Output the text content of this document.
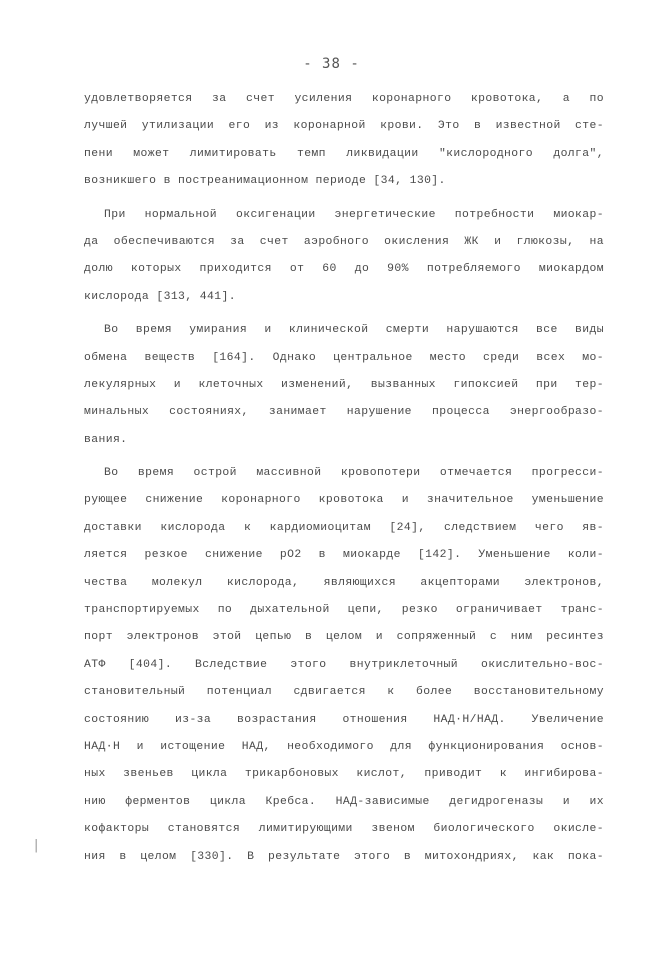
- 38 -
удовлетворяется за счет усиления коронарного кровотока, а по
лучшей утилизации его из коронарной крови. Это в известной сте-
пени может лимитировать темп ликвидации "кислородного долга",
возникшего в постреанимационном периоде [34, 130].
При нормальной оксигенации энергетические потребности миокар-
да обеспечиваются за счет аэробного окисления ЖК и глюкозы, на
долю которых приходится от 60 до 90% потребляемого миокардом
кислорода [313, 441].
Во время умирания и клинической смерти нарушаются все виды
обмена веществ [164]. Однако центральное место среди всех мо-
лекулярных и клеточных изменений, вызванных гипоксией при тер-
минальных состояниях, занимает нарушение процесса энергообразо-
вания.
Во время острой массивной кровопотери отмечается прогресси-
рующее снижение коронарного кровотока и значительное уменьшение
доставки кислорода к кардиомиоцитам [24], следствием чего яв-
ляется резкое снижение pO2 в миокарде [142]. Уменьшение коли-
чества молекул кислорода, являющихся акцепторами электронов,
транспортируемых по дыхательной цепи, резко ограничивает транс-
порт электронов этой цепью в целом и сопряженный с ним ресинтез
АТФ [404]. Вследствие этого внутриклеточный окислительно-вос-
становительный потенциал сдвигается к более восстановительному
состоянию из-за возрастания отношения НАД·Н/НАД. Увеличение
НАД·Н и истощение НАД, необходимого для функционирования основ-
ных звеньев цикла трикарбоновых кислот, приводит к ингибирова-
нию ферментов цикла Кребса. НАД-зависимые дегидрогеназы и их
кофакторы становятся лимитирующими звеном биологического окисле-
ния в целом [330]. В результате этого в митохондриях, как пока-
|
